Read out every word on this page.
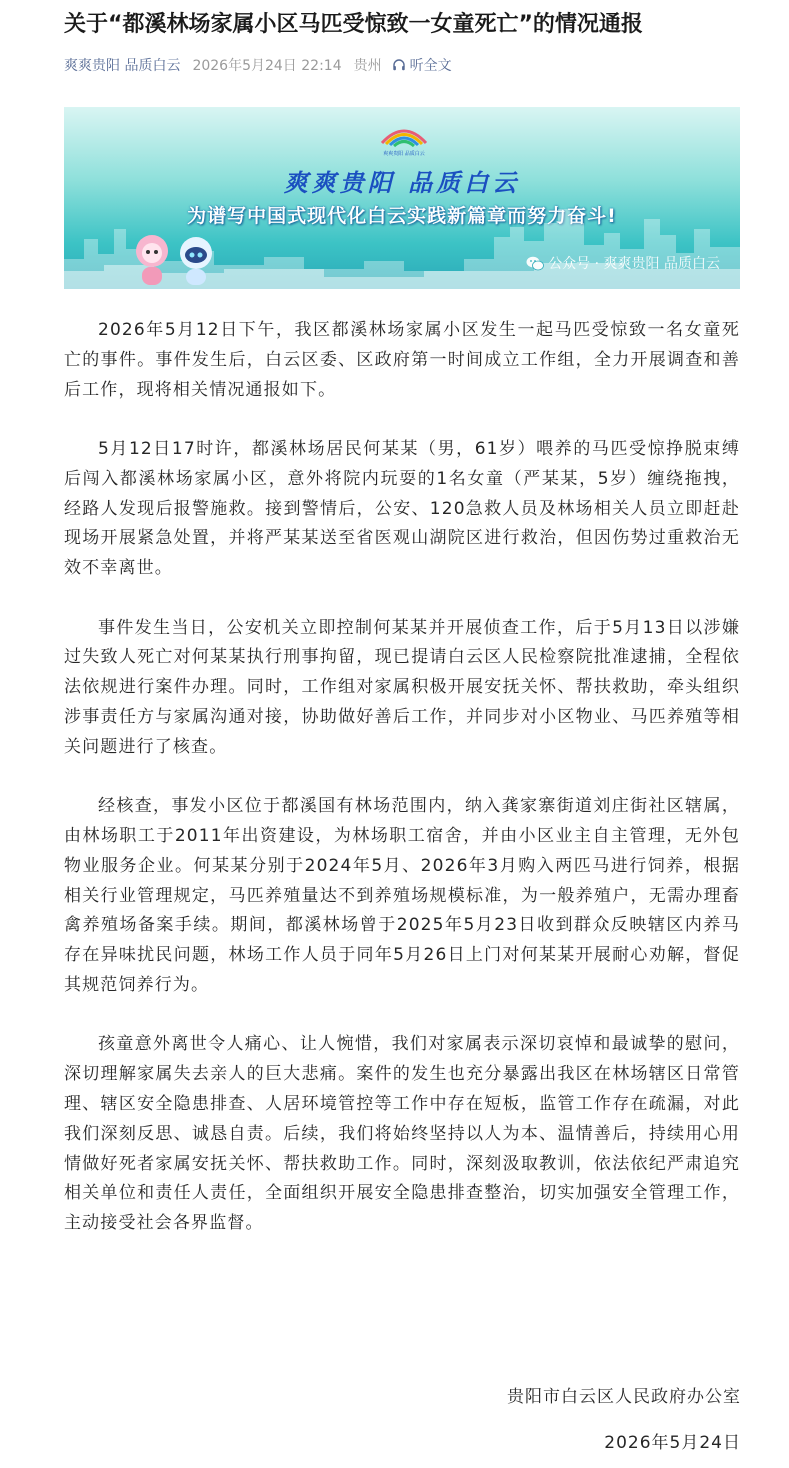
关于“都溪林场家属小区马匹受惊致一女童死亡”的情况通报
爽爽贵阳 品质白云 2026年5月24日 22:14 贵州 听全文
爽爽贵阳 品质白云
爽爽贵阳 品质白云
为谱写中国式现代化白云实践新篇章而努力奋斗!
公众号 · 爽爽贵阳 品质白云

2026年5月12日下午，我区都溪林场家属小区发生一起马匹受惊致一名女童死亡的事件。事件发生后，白云区委、区政府第一时间成立工作组，全力开展调查和善后工作，现将相关情况通报如下。

5月12日17时许，都溪林场居民何某某（男，61岁）喂养的马匹受惊挣脱束缚后闯入都溪林场家属小区，意外将院内玩耍的1名女童（严某某，5岁）缠绕拖拽，经路人发现后报警施救。接到警情后，公安、120急救人员及林场相关人员立即赶赴现场开展紧急处置，并将严某某送至省医观山湖院区进行救治，但因伤势过重救治无效不幸离世。

事件发生当日，公安机关立即控制何某某并开展侦查工作，后于5月13日以涉嫌过失致人死亡对何某某执行刑事拘留，现已提请白云区人民检察院批准逮捕，全程依法依规进行案件办理。同时，工作组对家属积极开展安抚关怀、帮扶救助，牵头组织涉事责任方与家属沟通对接，协助做好善后工作，并同步对小区物业、马匹养殖等相关问题进行了核查。

经核查，事发小区位于都溪国有林场范围内，纳入龚家寨街道刘庄街社区辖属，由林场职工于2011年出资建设，为林场职工宿舍，并由小区业主自主管理，无外包物业服务企业。何某某分别于2024年5月、2026年3月购入两匹马进行饲养，根据相关行业管理规定，马匹养殖量达不到养殖场规模标准，为一般养殖户，无需办理畜禽养殖场备案手续。期间，都溪林场曾于2025年5月23日收到群众反映辖区内养马存在异味扰民问题，林场工作人员于同年5月26日上门对何某某开展耐心劝解，督促其规范饲养行为。

孩童意外离世令人痛心、让人惋惜，我们对家属表示深切哀悼和最诚挚的慰问，深切理解家属失去亲人的巨大悲痛。案件的发生也充分暴露出我区在林场辖区日常管理、辖区安全隐患排查、人居环境管控等工作中存在短板，监管工作存在疏漏，对此我们深刻反思、诚恳自责。后续，我们将始终坚持以人为本、温情善后，持续用心用情做好死者家属安抚关怀、帮扶救助工作。同时，深刻汲取教训，依法依纪严肃追究相关单位和责任人责任，全面组织开展安全隐患排查整治，切实加强安全管理工作，主动接受社会各界监督。

贵阳市白云区人民政府办公室
2026年5月24日
